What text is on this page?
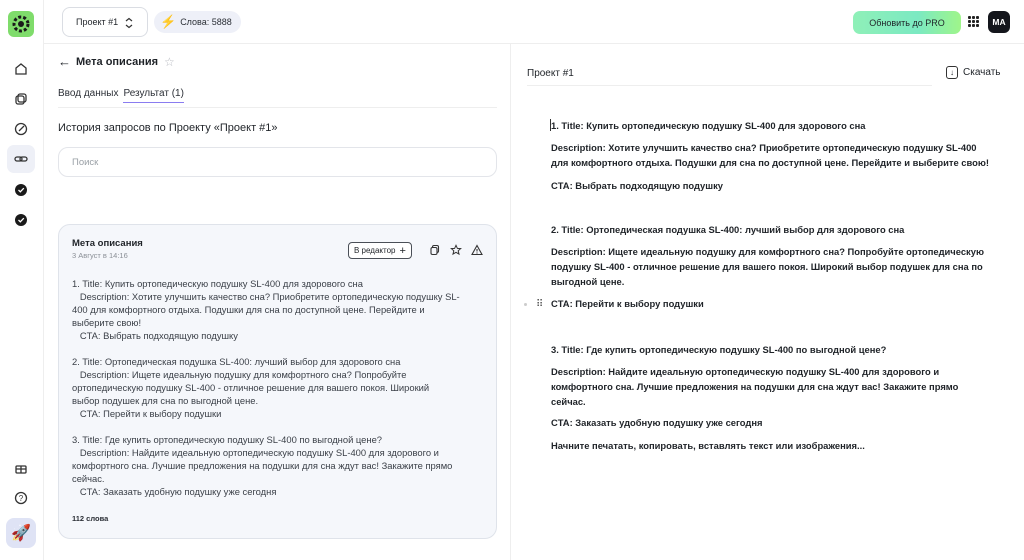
?
🚀
Проект #1	⚡ Слова: 5888	Обновить до PRO	MA
← Мета описания ☆
Ввод данных Результат (1)
История запросов по Проекту «Проект #1»
Поиск
Мета описания
3 Август в 14:16
В редактор +

1. Title: Купить ортопедическую подушку SL-400 для здорового сна

Description: Хотите улучшить качество сна? Приобретите ортопедическую подушку SL-

400 для комфортного отдыха. Подушки для сна по доступной цене. Перейдите и

выберите свою!

CTA: Выбрать подходящую подушку

2. Title: Ортопедическая подушка SL-400: лучший выбор для здорового сна

Description: Ищете идеальную подушку для комфортного сна? Попробуйте

ортопедическую подушку SL-400 - отличное решение для вашего покоя. Широкий

выбор подушек для сна по выгодной цене.

CTA: Перейти к выбору подушки

3. Title: Где купить ортопедическую подушку SL-400 по выгодной цене?

Description: Найдите идеальную ортопедическую подушку SL-400 для здорового и

комфортного сна. Лучшие предложения на подушки для сна ждут вас! Закажите прямо

сейчас.

CTA: Заказать удобную подушку уже сегодня

112 слова
Проект #1	↓ Скачать
⠿
1. Title: Купить ортопедическую подушку SL-400 для здорового сна
Description: Хотите улучшить качество сна? Приобретите ортопедическую подушку SL-400 для комфортного отдыха. Подушки для сна по доступной цене. Перейдите и выберите свою!
CTA: Выбрать подходящую подушку
2. Title: Ортопедическая подушка SL-400: лучший выбор для здорового сна
Description: Ищете идеальную подушку для комфортного сна? Попробуйте ортопедическую подушку SL-400 - отличное решение для вашего покоя. Широкий выбор подушек для сна по выгодной цене.
CTA: Перейти к выбору подушки
3. Title: Где купить ортопедическую подушку SL-400 по выгодной цене?
Description: Найдите идеальную ортопедическую подушку SL-400 для здорового и комфортного сна. Лучшие предложения на подушки для сна ждут вас! Закажите прямо сейчас.
CTA: Заказать удобную подушку уже сегодня
Начните печатать, копировать, вставлять текст или изображения...
